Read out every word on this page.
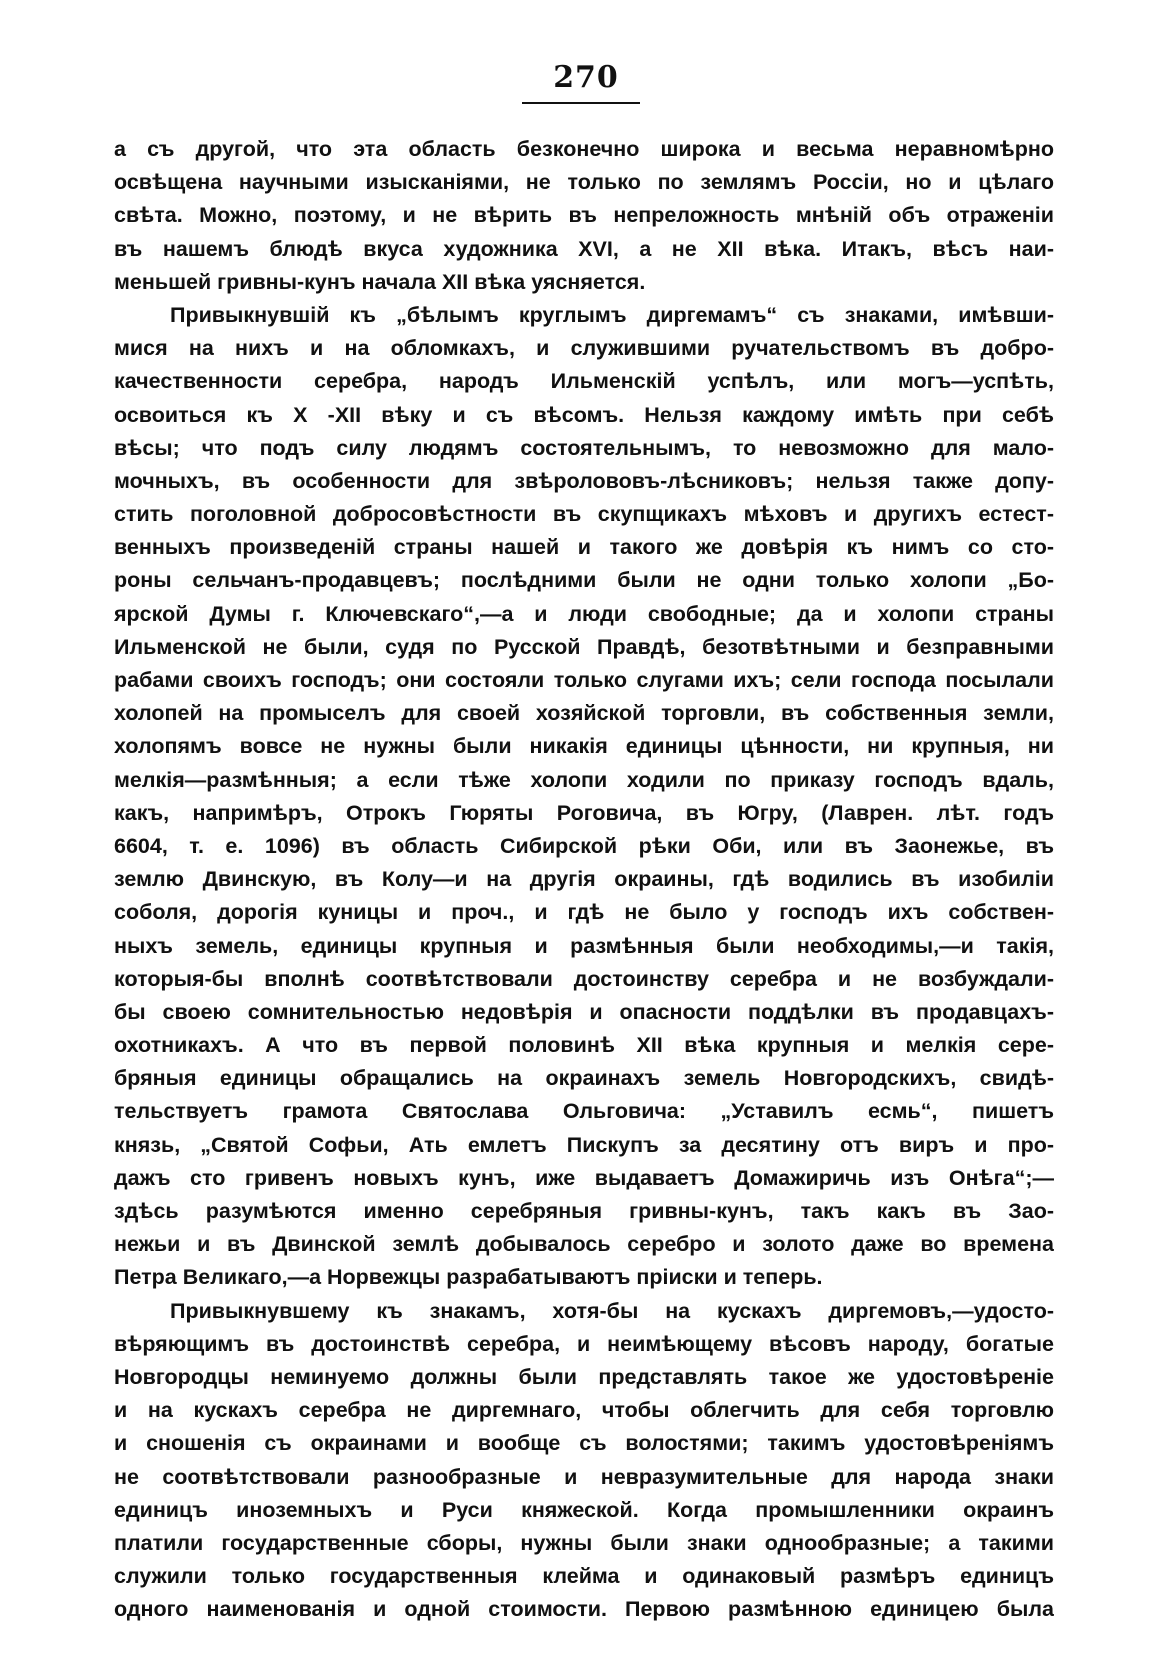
270
а съ другой, что эта область безконечно широка и весьма неравномѣрно
освѣщена научными изысканіями, не только по землямъ Россіи, но и цѣлаго
свѣта. Можно, поэтому, и не вѣрить въ непреложность мнѣній объ отраженіи
въ нашемъ блюдѣ вкуса художника XVI, а не XII вѣка. Итакъ, вѣсъ наи-
меньшей гривны-кунъ начала XII вѣка уясняется.
Привыкнувшій къ „бѣлымъ круглымъ диргемамъ“ съ знаками, имѣвши-
мися на нихъ и на обломкахъ, и служившими ручательствомъ въ добро-
качественности серебра, народъ Ильменскій успѣлъ, или могъ—успѣть,
освоиться къ X -XII вѣку и съ вѣсомъ. Нельзя каждому имѣть при себѣ
вѣсы; что подъ силу людямъ состоятельнымъ, то невозможно для мало-
мочныхъ, въ особенности для звѣролововъ-лѣсниковъ; нельзя также допу-
стить поголовной добросовѣстности въ скупщикахъ мѣховъ и другихъ естест-
венныхъ произведеній страны нашей и такого же довѣрія къ нимъ со сто-
роны сельчанъ-продавцевъ; послѣдними были не одни только холопи „Бо-
ярской Думы г. Ключевскаго“,—а и люди свободные; да и холопи страны
Ильменской не были, судя по Русской Правдѣ, безотвѣтными и безправными
рабами своихъ господъ; они состояли только слугами ихъ; сели господа посылали
холопей на промыселъ для своей хозяйской торговли, въ собственныя земли,
холопямъ вовсе не нужны были никакія единицы цѣнности, ни крупныя, ни
мелкія—размѣнныя; а если тѣже холопи ходили по приказу господъ вдаль,
какъ, напримѣръ, Отрокъ Гюряты Роговича, въ Югру, (Лаврен. лѣт. годъ
6604, т. е. 1096) въ область Сибирской рѣки Оби, или въ Заонежье, въ
землю Двинскую, въ Колу—и на другія окраины, гдѣ водились въ изобиліи
соболя, дорогія куницы и проч., и гдѣ не было у господъ ихъ собствен-
ныхъ земель, единицы крупныя и размѣнныя были необходимы,—и такія,
которыя-бы вполнѣ соотвѣтствовали достоинству серебра и не возбуждали-
бы своею сомнительностью недовѣрія и опасности поддѣлки въ продавцахъ-
охотникахъ. А что въ первой половинѣ XII вѣка крупныя и мелкія сере-
бряныя единицы обращались на окраинахъ земель Новгородскихъ, свидѣ-
тельствуетъ грамота Святослава Ольговича: „Уставилъ есмь“, пишетъ
князь, „Святой Софьи, Ать емлетъ Пискупъ за десятину отъ виръ и про-
дажъ сто гривенъ новыхъ кунъ, иже выдаваетъ Домажиричь изъ Онѣга“;—
здѣсь разумѣются именно серебряныя гривны-кунъ, такъ какъ въ Зао-
нежьи и въ Двинской землѣ добывалось серебро и золото даже во времена
Петра Великаго,—а Норвежцы разрабатываютъ пріиски и теперь.
Привыкнувшему къ знакамъ, хотя-бы на кускахъ диргемовъ,—удосто-
вѣряющимъ въ достоинствѣ серебра, и неимѣющему вѣсовъ народу, богатые
Новгородцы неминуемо должны были представлять такое же удостовѣреніе
и на кускахъ серебра не диргемнаго, чтобы облегчить для себя торговлю
и сношенія съ окраинами и вообще съ волостями; такимъ удостовѣреніямъ
не соотвѣтствовали разнообразные и невразумительные для народа знаки
единицъ иноземныхъ и Руси княжеской. Когда промышленники окраинъ
платили государственные сборы, нужны были знаки однообразные; а такими
служили только государственныя клейма и одинаковый размѣръ единицъ
одного наименованія и одной стоимости. Первою размѣнною единицею была
